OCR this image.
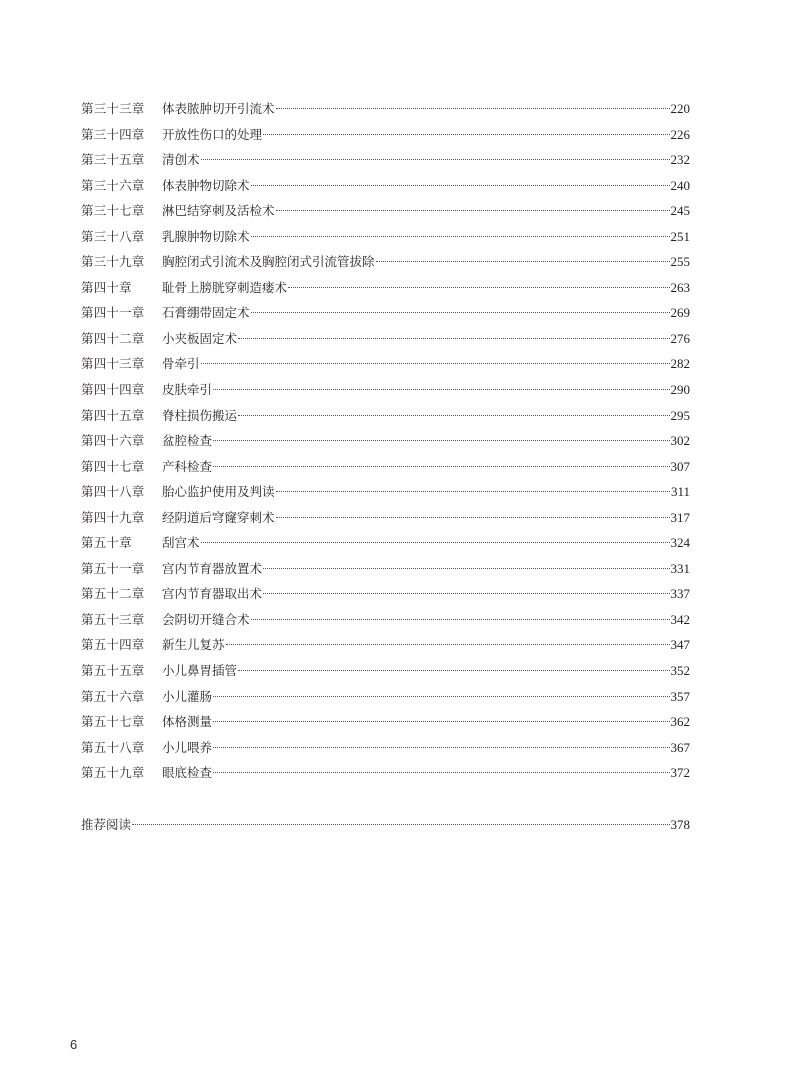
第三十三章	体表脓肿切开引流术	220
第三十四章	开放性伤口的处理	226
第三十五章	清创术	232
第三十六章	体表肿物切除术	240
第三十七章	淋巴结穿刺及活检术	245
第三十八章	乳腺肿物切除术	251
第三十九章	胸腔闭式引流术及胸腔闭式引流管拔除	255
第四十章	耻骨上膀胱穿刺造瘘术	263
第四十一章	石膏绷带固定术	269
第四十二章	小夹板固定术	276
第四十三章	骨牵引	282
第四十四章	皮肤牵引	290
第四十五章	脊柱损伤搬运	295
第四十六章	盆腔检查	302
第四十七章	产科检查	307
第四十八章	胎心监护使用及判读	311
第四十九章	经阴道后穹窿穿刺术	317
第五十章	刮宫术	324
第五十一章	宫内节育器放置术	331
第五十二章	宫内节育器取出术	337
第五十三章	会阴切开缝合术	342
第五十四章	新生儿复苏	347
第五十五章	小儿鼻胃插管	352
第五十六章	小儿灌肠	357
第五十七章	体格测量	362
第五十八章	小儿喂养	367
第五十九章	眼底检查	372
推荐阅读	378
6
